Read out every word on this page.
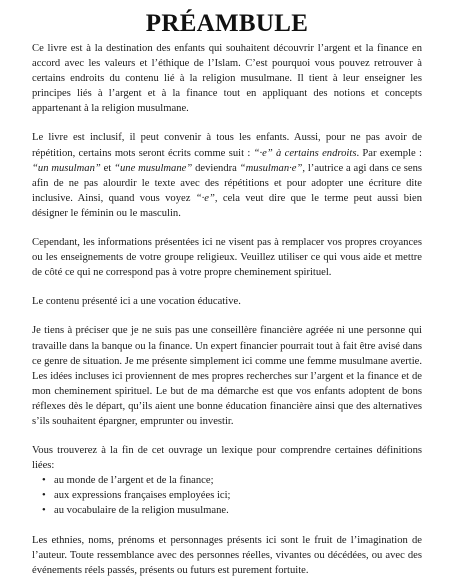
PRÉAMBULE

Ce livre est à la destination des enfants qui souhaitent découvrir l’argent et la finance en accord avec les valeurs et l’éthique de l’Islam. C’est pourquoi vous pouvez retrouver à certains endroits du contenu lié à la religion musulmane. Il tient à leur enseigner les principes liés à l’argent et à la finance tout en appliquant des notions et concepts appartenant à la religion musulmane.

Le livre est inclusif, il peut convenir à tous les enfants. Aussi, pour ne pas avoir de répétition, certains mots seront écrits comme suit : “·e” à certains endroits. Par exemple : “un musulman” et “une musulmane” deviendra “musulman·e”, l’autrice a agi dans ce sens afin de ne pas alourdir le texte avec des répétitions et pour adopter une écriture dite inclusive. Ainsi, quand vous voyez “·e”, cela veut dire que le terme peut aussi bien désigner le féminin ou le masculin.

Cependant, les informations présentées ici ne visent pas à remplacer vos propres croyances ou les enseignements de votre groupe religieux. Veuillez utiliser ce qui vous aide et mettre de côté ce qui ne correspond pas à votre propre cheminement spirituel.

Le contenu présenté ici a une vocation éducative.

Je tiens à préciser que je ne suis pas une conseillère financière agréée ni une personne qui travaille dans la banque ou la finance. Un expert financier pourrait tout à fait être avisé dans ce genre de situation. Je me présente simplement ici comme une femme musulmane avertie. Les idées incluses ici proviennent de mes propres recherches sur l’argent et la finance et de mon cheminement spirituel. Le but de ma démarche est que vos enfants adoptent de bons réflexes dès le départ, qu’ils aient une bonne éducation financière ainsi que des alternatives s’ils souhaitent épargner, emprunter ou investir.

Vous trouverez à la fin de cet ouvrage un lexique pour comprendre certaines définitions liées:

• au monde de l’argent et de la finance;
• aux expressions françaises employées ici;
• au vocabulaire de la religion musulmane.

Les ethnies, noms, prénoms et personnages présents ici sont le fruit de l’imagination de l’auteur. Toute ressemblance avec des personnes réelles, vivantes ou décédées, ou avec des événements réels passés, présents ou futurs est purement fortuite.
